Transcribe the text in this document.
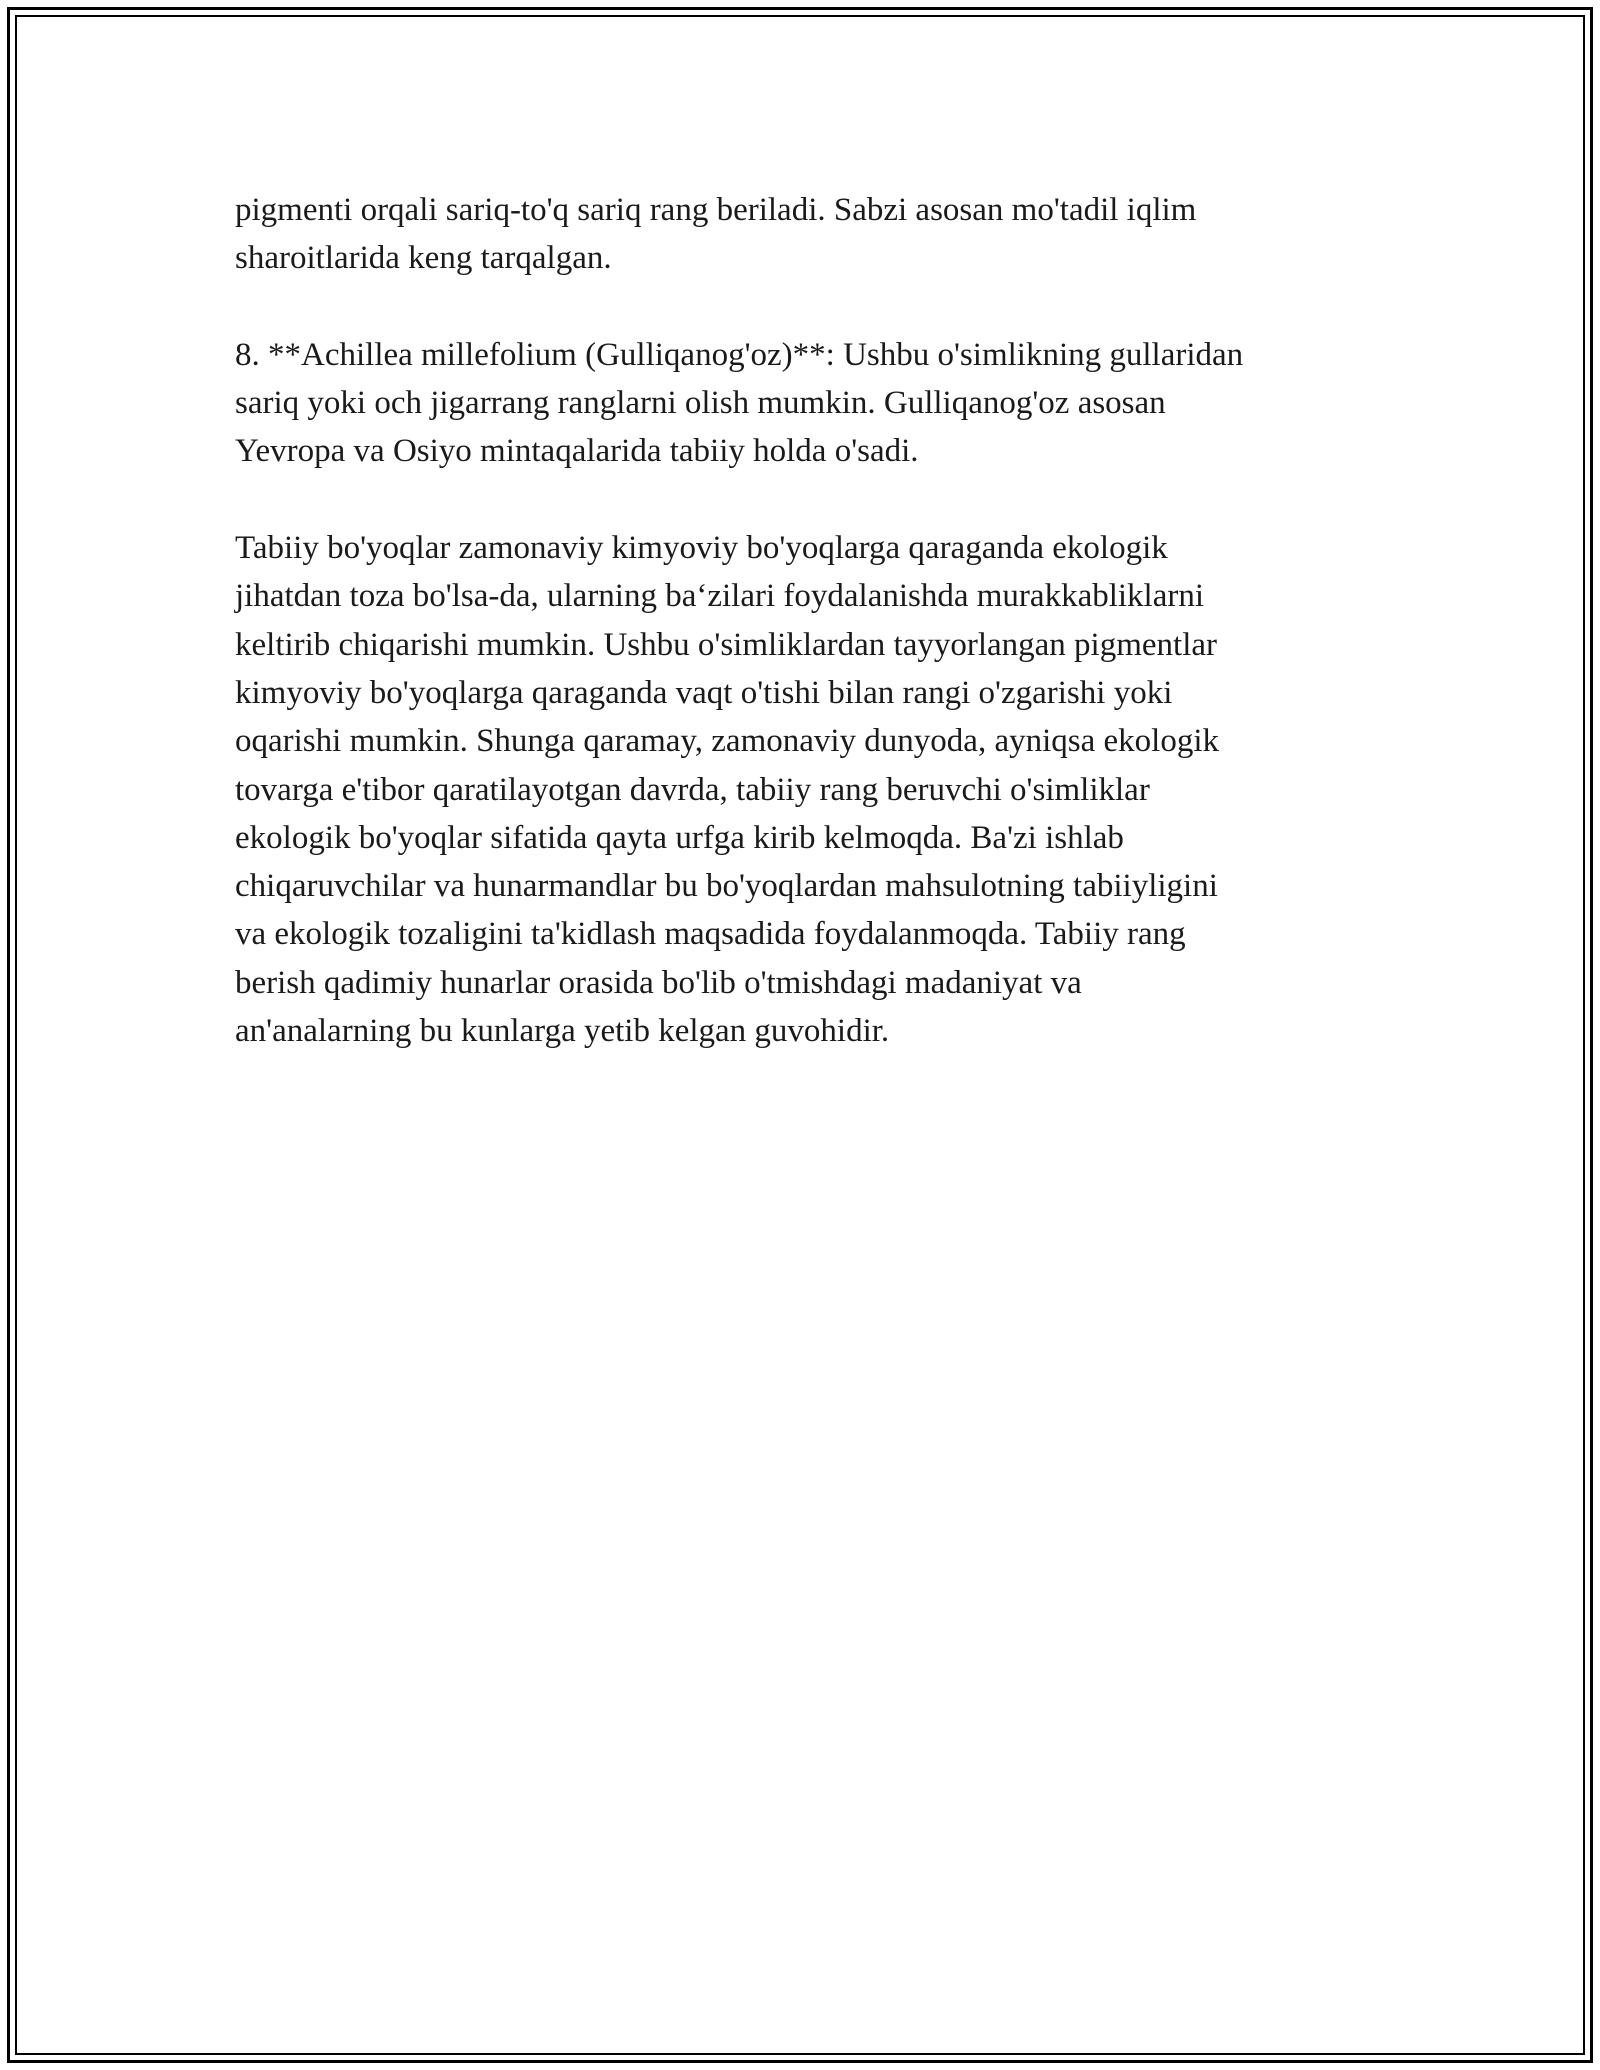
pigmenti orqali sariq-to'q sariq rang beriladi. Sabzi asosan mo'tadil iqlim
sharoitlarida keng tarqalgan.

8. **Achillea millefolium (Gulliqanog'oz)**: Ushbu o'simlikning gullaridan
sariq yoki och jigarrang ranglarni olish mumkin. Gulliqanog'oz asosan
Yevropa va Osiyo mintaqalarida tabiiy holda o'sadi.

Tabiiy bo'yoqlar zamonaviy kimyoviy bo'yoqlarga qaraganda ekologik
jihatdan toza bo'lsa-da, ularning ba‘zilari foydalanishda murakkabliklarni
keltirib chiqarishi mumkin. Ushbu o'simliklardan tayyorlangan pigmentlar
kimyoviy bo'yoqlarga qaraganda vaqt o'tishi bilan rangi o'zgarishi yoki
oqarishi mumkin. Shunga qaramay, zamonaviy dunyoda, ayniqsa ekologik
tovarga e'tibor qaratilayotgan davrda, tabiiy rang beruvchi o'simliklar
ekologik bo'yoqlar sifatida qayta urfga kirib kelmoqda. Ba'zi ishlab
chiqaruvchilar va hunarmandlar bu bo'yoqlardan mahsulotning tabiiyligini
va ekologik tozaligini ta'kidlash maqsadida foydalanmoqda. Tabiiy rang
berish qadimiy hunarlar orasida bo'lib o'tmishdagi madaniyat va
an'analarning bu kunlarga yetib kelgan guvohidir.
